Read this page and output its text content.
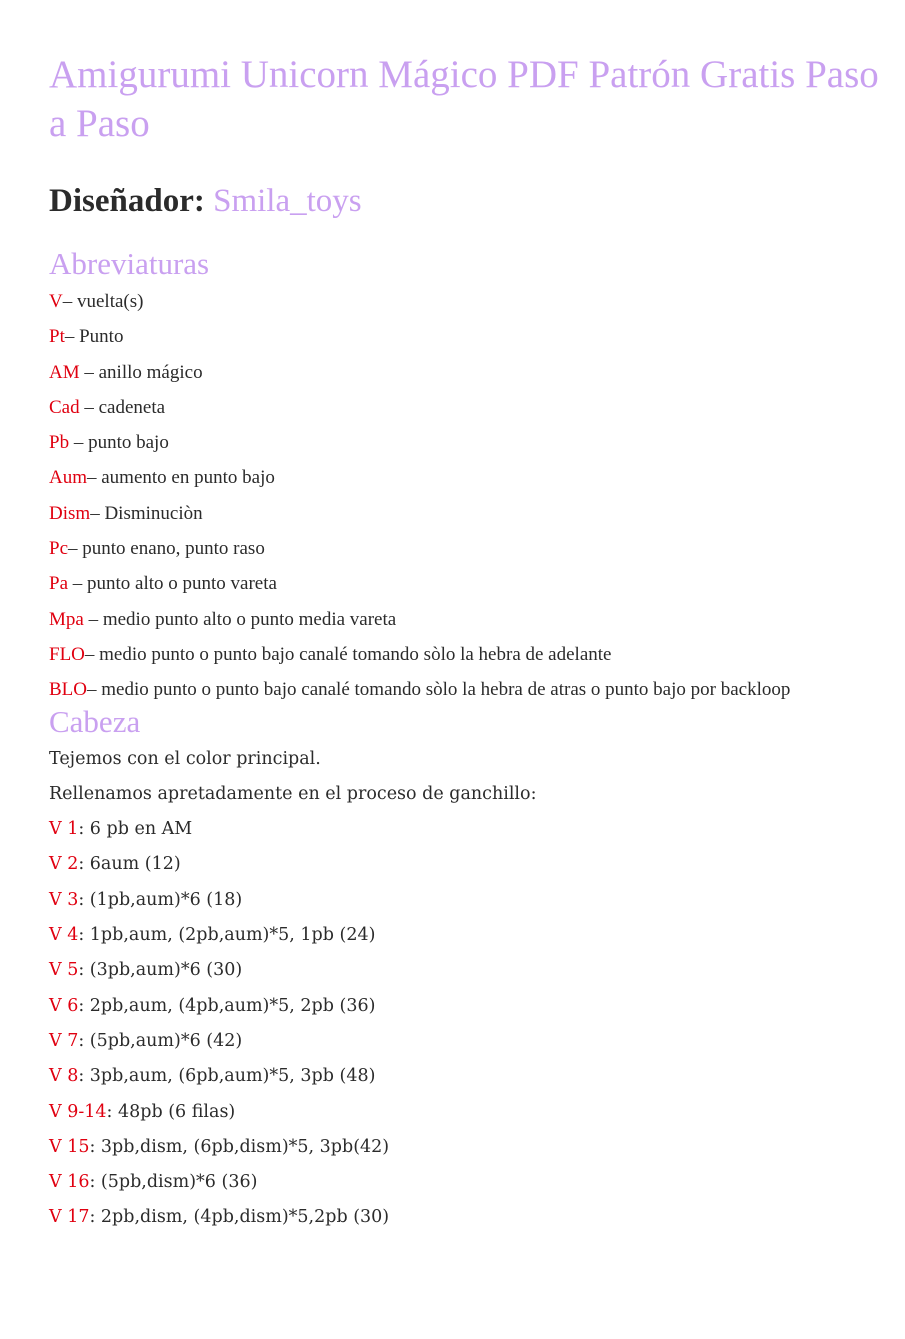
Amigurumi Unicorn Mágico PDF Patrón Gratis Paso a Paso
Diseñador: Smila_toys
Abreviaturas

V– vuelta(s)

Pt– Punto

AM – anillo mágico

Cad – cadeneta

Pb – punto bajo

Aum– aumento en punto bajo

Dism– Disminuciòn

Pc– punto enano, punto raso

Pa – punto alto o punto vareta

Mpa – medio punto alto o punto media vareta

FLO– medio punto o punto bajo canalé tomando sòlo la hebra de adelante

BLO– medio punto o punto bajo canalé tomando sòlo la hebra de atras o punto bajo por backloop

Cabeza

Tejemos con el color principal.

Rellenamos apretadamente en el proceso de ganchillo:

V 1: 6 pb en AM

V 2: 6aum (12)

V 3: (1pb,aum)*6 (18)

V 4: 1pb,aum, (2pb,aum)*5, 1pb (24)

V 5: (3pb,aum)*6 (30)

V 6: 2pb,aum, (4pb,aum)*5, 2pb (36)

V 7: (5pb,aum)*6 (42)

V 8: 3pb,aum, (6pb,aum)*5, 3pb (48)

V 9-14: 48pb (6 filas)

V 15: 3pb,dism, (6pb,dism)*5, 3pb(42)

V 16: (5pb,dism)*6 (36)

V 17: 2pb,dism, (4pb,dism)*5,2pb (30)
